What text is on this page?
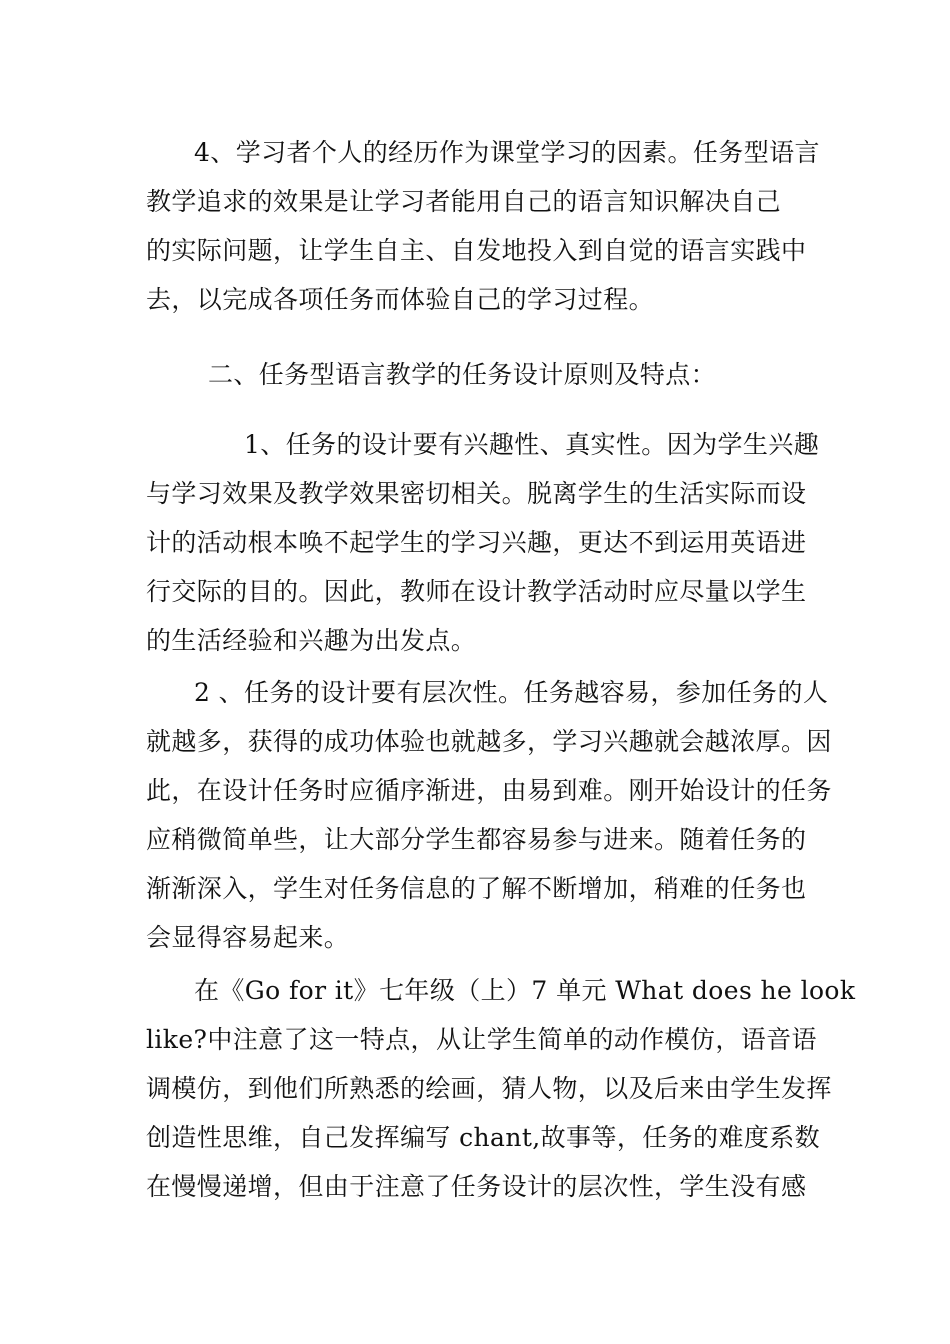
4、学习者个人的经历作为课堂学习的因素。任务型语言
教学追求的效果是让学习者能用自己的语言知识解决自己
的实际问题，让学生自主、自发地投入到自觉的语言实践中
去，以完成各项任务而体验自己的学习过程。
二、任务型语言教学的任务设计原则及特点：
1、任务的设计要有兴趣性、真实性。因为学生兴趣
与学习效果及教学效果密切相关。脱离学生的生活实际而设
计的活动根本唤不起学生的学习兴趣，更达不到运用英语进
行交际的目的。因此，教师在设计教学活动时应尽量以学生
的生活经验和兴趣为出发点。
2 、任务的设计要有层次性。任务越容易，参加任务的人
就越多，获得的成功体验也就越多，学习兴趣就会越浓厚。因
此，在设计任务时应循序渐进，由易到难。刚开始设计的任务
应稍微简单些，让大部分学生都容易参与进来。随着任务的
渐渐深入，学生对任务信息的了解不断增加，稍难的任务也
会显得容易起来。
在《Go for it》七年级（上）7 单元 What does he look
like?中注意了这一特点，从让学生简单的动作模仿，语音语
调模仿，到他们所熟悉的绘画，猜人物，以及后来由学生发挥
创造性思维，自己发挥编写 chant,故事等，任务的难度系数
在慢慢递增，但由于注意了任务设计的层次性，学生没有感
